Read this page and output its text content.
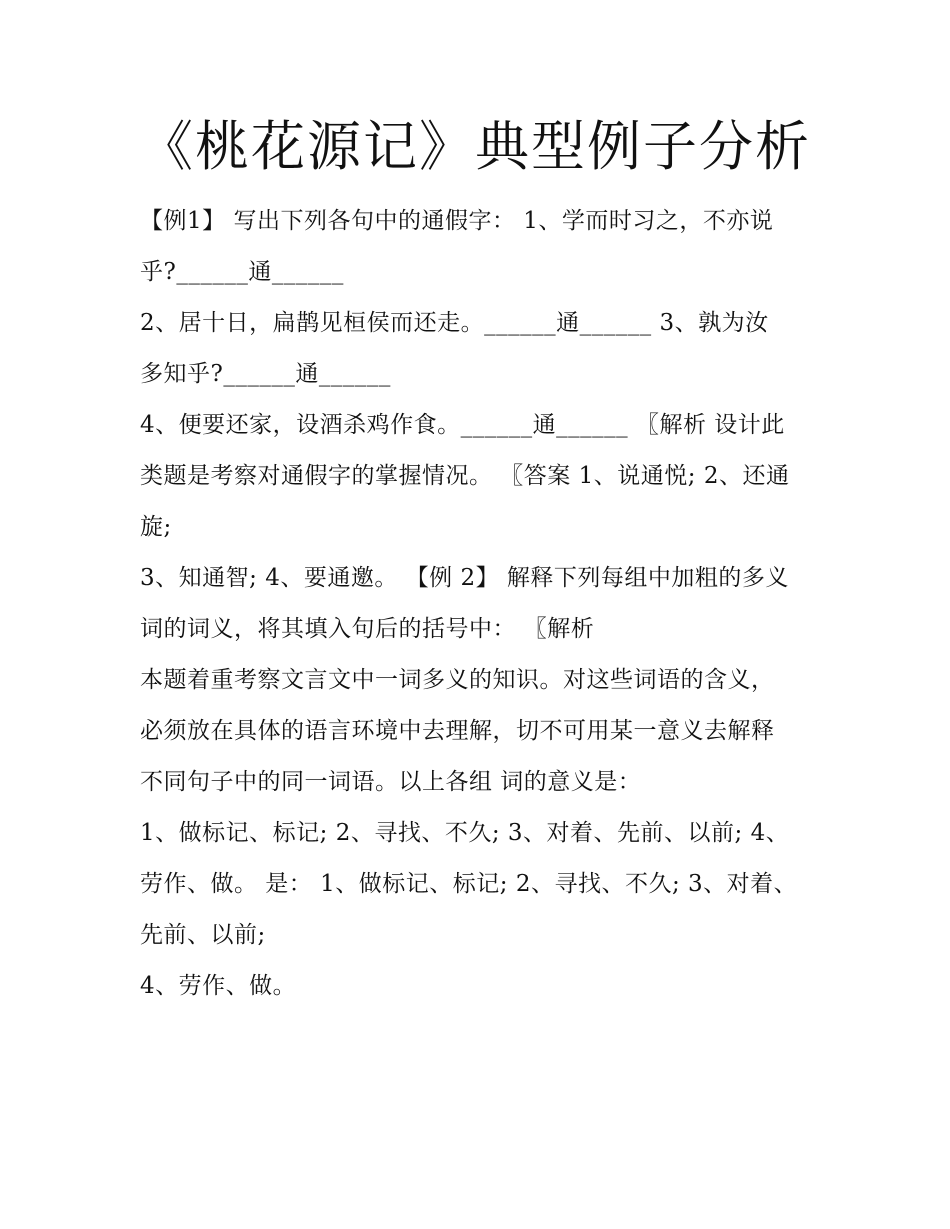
《桃花源记》典型例子分析
【例1】 写出下列各句中的通假字： 1、学而时习之，不亦说
乎?______通______
2、居十日，扁鹊见桓侯而还走。______通______ 3、孰为汝
多知乎?______通______
4、便要还家，设酒杀鸡作食。______通______ 〖解析 设计此
类题是考察对通假字的掌握情况。 〖答案 1、说通悦; 2、还通
旋;
3、知通智; 4、要通邀。 【例 2】 解释下列每组中加粗的多义
词的词义，将其填入句后的括号中： 〖解析
本题着重考察文言文中一词多义的知识。对这些词语的含义，
必须放在具体的语言环境中去理解，切不可用某一意义去解释
不同句子中的同一词语。以上各组 词的意义是：
1、做标记、标记; 2、寻找、不久; 3、对着、先前、以前; 4、
劳作、做。 是： 1、做标记、标记; 2、寻找、不久; 3、对着、
先前、以前;
4、劳作、做。
